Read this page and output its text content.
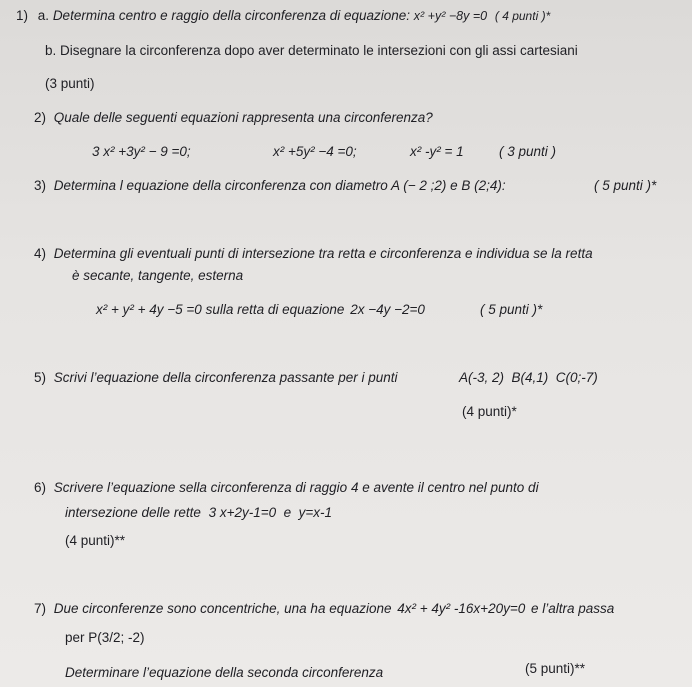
1) a. Determina centro e raggio della circonferenza di equazione: x² +y² −8y =0 ( 4 punti )*
b. Disegnare la circonferenza dopo aver determinato le intersezioni con gli assi cartesiani
(3 punti)
2) Quale delle seguenti equazioni rappresenta una circonferenza?
3 x² +3y² − 9 =0;	x² +5y² −4 =0;	x² -y² = 1	( 3 punti )
3) Determina l equazione della circonferenza con diametro A (− 2 ;2) e B (2;4):	( 5 punti )*
4) Determina gli eventuali punti di intersezione tra retta e circonferenza e individua se la retta
è secante, tangente, esterna
x² + y² + 4y −5 =0 sulla retta di equazione 2x −4y −2=0	( 5 punti )*
5) Scrivi l’equazione della circonferenza passante per i punti	A(-3, 2)  B(4,1)  C(0;-7)
(4 punti)*
6) Scrivere l’equazione sella circonferenza di raggio 4 e avente il centro nel punto di
intersezione delle rette 3 x+2y-1=0  e  y=x-1
(4 punti)**
7) Due circonferenze sono concentriche, una ha equazione 4x² + 4y² -16x+20y=0 e l’altra passa
per P(3/2; -2)
Determinare l’equazione della seconda circonferenza	(5 punti)**
